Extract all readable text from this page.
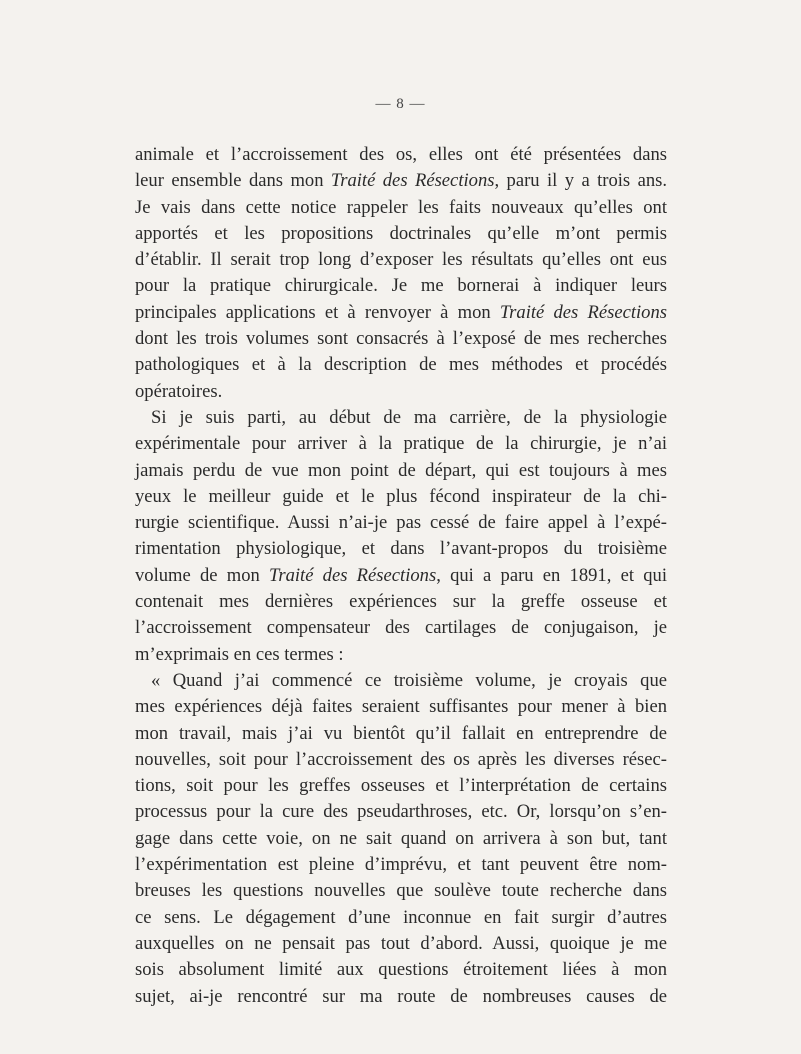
— 8 —
animale et l’accroissement des os, elles ont été présentées dans
leur ensemble dans mon Traité des Résections, paru il y a trois ans.
Je vais dans cette notice rappeler les faits nouveaux qu’elles ont
apportés et les propositions doctrinales qu’elle m’ont permis
d’établir. Il serait trop long d’exposer les résultats qu’elles ont eus
pour la pratique chirurgicale. Je me bornerai à indiquer leurs
principales applications et à renvoyer à mon Traité des Résections
dont les trois volumes sont consacrés à l’exposé de mes recherches
pathologiques et à la description de mes méthodes et procédés
opératoires.
Si je suis parti, au début de ma carrière, de la physiologie
expérimentale pour arriver à la pratique de la chirurgie, je n’ai
jamais perdu de vue mon point de départ, qui est toujours à mes
yeux le meilleur guide et le plus fécond inspirateur de la chi-
rurgie scientifique. Aussi n’ai-je pas cessé de faire appel à l’expé-
rimentation physiologique, et dans l’avant-propos du troisième
volume de mon Traité des Résections, qui a paru en 1891, et qui
contenait mes dernières expériences sur la greffe osseuse et
l’accroissement compensateur des cartilages de conjugaison, je
m’exprimais en ces termes :
« Quand j’ai commencé ce troisième volume, je croyais que
mes expériences déjà faites seraient suffisantes pour mener à bien
mon travail, mais j’ai vu bientôt qu’il fallait en entreprendre de
nouvelles, soit pour l’accroissement des os après les diverses résec-
tions, soit pour les greffes osseuses et l’interprétation de certains
processus pour la cure des pseudarthroses, etc. Or, lorsqu’on s’en-
gage dans cette voie, on ne sait quand on arrivera à son but, tant
l’expérimentation est pleine d’imprévu, et tant peuvent être nom-
breuses les questions nouvelles que soulève toute recherche dans
ce sens. Le dégagement d’une inconnue en fait surgir d’autres
auxquelles on ne pensait pas tout d’abord. Aussi, quoique je me
sois absolument limité aux questions étroitement liées à mon
sujet, ai-je rencontré sur ma route de nombreuses causes de
